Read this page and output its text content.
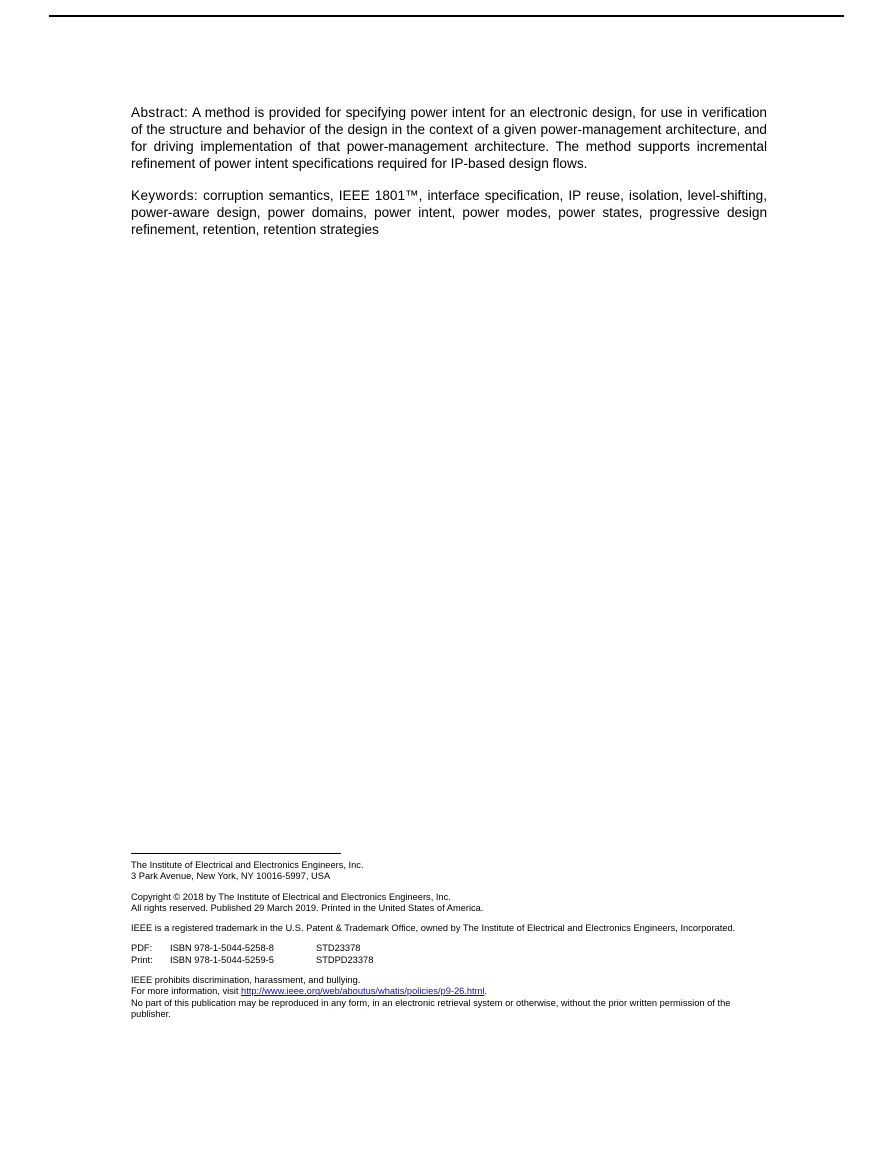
Abstract: A method is provided for specifying power intent for an electronic design, for use in verification of the structure and behavior of the design in the context of a given power-management architecture, and for driving implementation of that power-management architecture. The method supports incremental refinement of power intent specifications required for IP-based design flows.

Keywords: corruption semantics, IEEE 1801™, interface specification, IP reuse, isolation, level-shifting, power-aware design, power domains, power intent, power modes, power states, progressive design refinement, retention, retention strategies

The Institute of Electrical and Electronics Engineers, Inc.

3 Park Avenue, New York, NY 10016-5997, USA

Copyright © 2018 by The Institute of Electrical and Electronics Engineers, Inc.

All rights reserved. Published 29 March 2019. Printed in the United States of America.

IEEE is a registered trademark in the U.S. Patent & Trademark Office, owned by The Institute of Electrical and Electronics Engineers, Incorporated.

PDF:	ISBN 978-1-5044-5258-8	STD23378
Print:	ISBN 978-1-5044-5259-5	STDPD23378

IEEE prohibits discrimination, harassment, and bullying.

For more information, visit http://www.ieee.org/web/aboutus/whatis/policies/p9-26.html.

No part of this publication may be reproduced in any form, in an electronic retrieval system or otherwise, without the prior written permission of the publisher.
